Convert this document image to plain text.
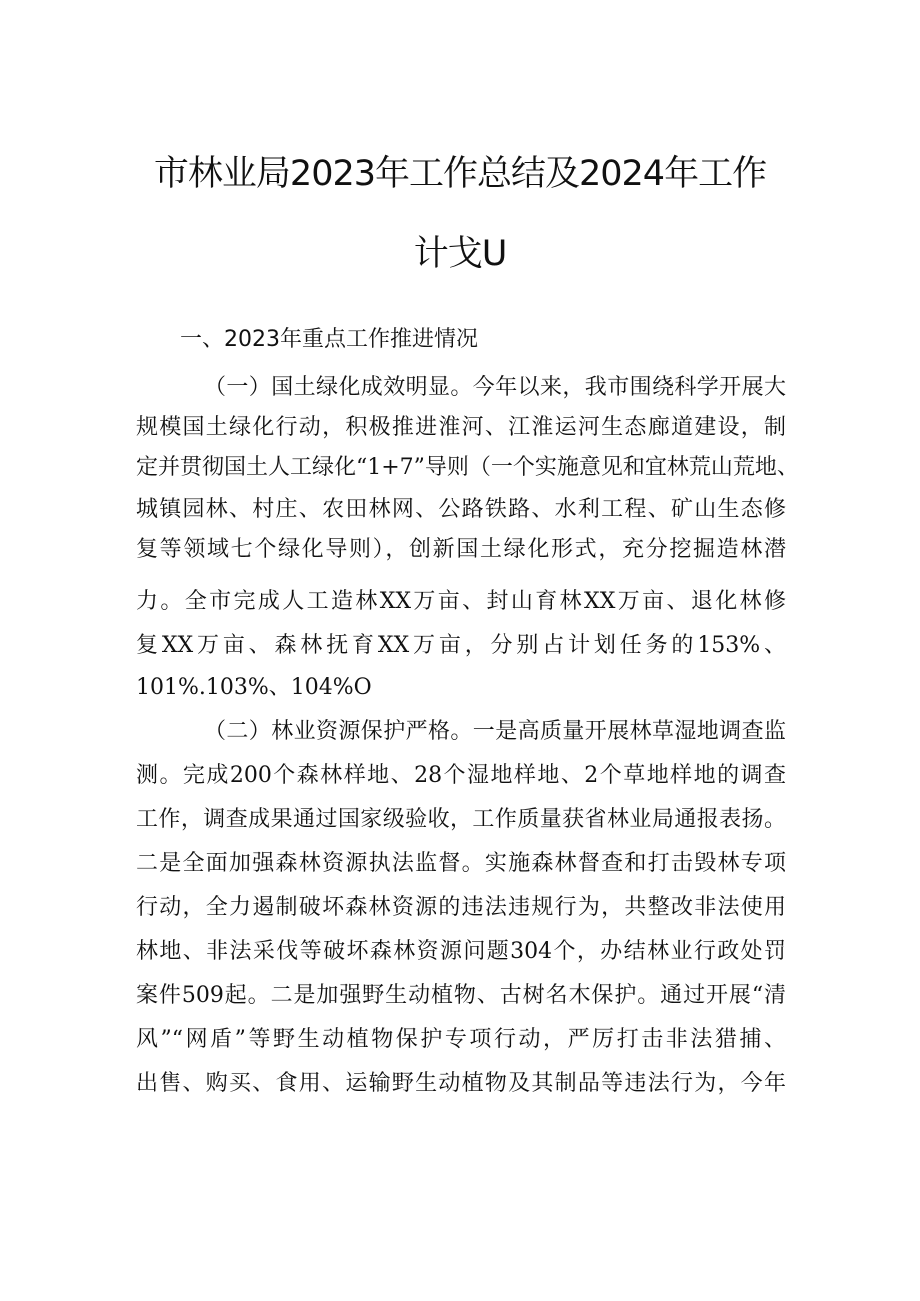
市林业局2023年工作总结及2024年工作
计戈U
一、2023年重点工作推进情况
（一）国土绿化成效明显。今年以来，我市围绕科学开展大
规模国土绿化行动，积极推进淮河、江淮运河生态廊道建设，制
定并贯彻国土人工绿化“1+7”导则（一个实施意见和宜林荒山荒地、
城镇园林、村庄、农田林网、公路铁路、水利工程、矿山生态修
复等领域七个绿化导则），创新国土绿化形式，充分挖掘造林潜
力。全市完成人工造林XX万亩、封山育林XX万亩、退化林修
复XX万亩、森林抚育XX万亩，分别占计划任务的153%、
101%.103%、104%O
（二）林业资源保护严格。一是高质量开展林草湿地调查监
测。完成200个森林样地、28个湿地样地、2个草地样地的调查
工作，调查成果通过国家级验收，工作质量获省林业局通报表扬。
二是全面加强森林资源执法监督。实施森林督查和打击毁林专项
行动，全力遏制破坏森林资源的违法违规行为，共整改非法使用
林地、非法采伐等破坏森林资源问题304个，办结林业行政处罚
案件509起。二是加强野生动植物、古树名木保护。通过开展“清
风”“网盾”等野生动植物保护专项行动，严厉打击非法猎捕、
出售、购买、食用、运输野生动植物及其制品等违法行为，今年
